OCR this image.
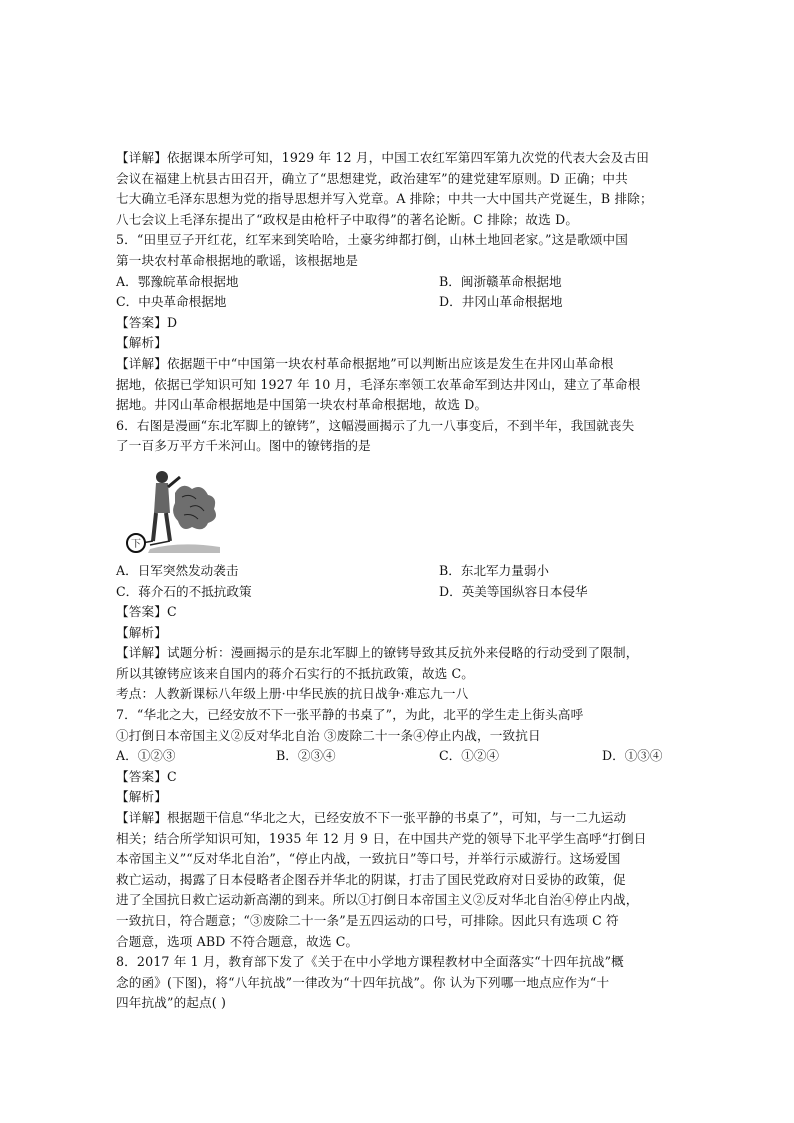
【详解】依据课本所学可知，1929 年 12 月，中国工农红军第四军第九次党的代表大会及古田
会议在福建上杭县古田召开，确立了“思想建党，政治建军”的建党建军原则。D 正确；中共
七大确立毛泽东思想为党的指导思想并写入党章。A 排除；中共一大中国共产党诞生，B 排除；
八七会议上毛泽东提出了“政权是由枪杆子中取得”的著名论断。C 排除；故选 D。
5．“田里豆子开红花，红军来到笑哈哈，土豪劣绅都打倒，山林土地回老家。”这是歌颂中国
第一块农村革命根据地的歌谣，该根据地是
A．鄂豫皖革命根据地	B．闽浙赣革命根据地
C．中央革命根据地	D．井冈山革命根据地
【答案】D
【解析】
【详解】依据题干中“中国第一块农村革命根据地”可以判断出应该是发生在井冈山革命根
据地，依据已学知识可知 1927 年 10 月，毛泽东率领工农革命军到达井冈山，建立了革命根
据地。井冈山革命根据地是中国第一块农村革命根据地，故选 D。
6．右图是漫画“东北军脚上的镣铐”，这幅漫画揭示了九一八事变后，不到半年，我国就丧失
了一百多万平方千米河山。图中的镣铐指的是
下
A．日军突然发动袭击	B．东北军力量弱小
C．蒋介石的不抵抗政策	D．英美等国纵容日本侵华
【答案】C
【解析】
【详解】试题分析：漫画揭示的是东北军脚上的镣铐导致其反抗外来侵略的行动受到了限制，
所以其镣铐应该来自国内的蒋介石实行的不抵抗政策，故选 C。
考点：人教新课标八年级上册·中华民族的抗日战争·难忘九一八
7．“华北之大，已经安放不下一张平静的书桌了”，为此，北平的学生走上街头高呼
①打倒日本帝国主义②反对华北自治 ③废除二十一条④停止内战，一致抗日
A．①②③	B．②③④	C．①②④	D．①③④
【答案】C
【解析】
【详解】根据题干信息“华北之大，已经安放不下一张平静的书桌了”，可知，与一二九运动
相关；结合所学知识可知，1935 年 12 月 9 日，在中国共产党的领导下北平学生高呼“打倒日
本帝国主义”“反对华北自治”，“停止内战，一致抗日”等口号，并举行示威游行。这场爱国
救亡运动，揭露了日本侵略者企图吞并华北的阴谋，打击了国民党政府对日妥协的政策，促
进了全国抗日救亡运动新高潮的到来。所以①打倒日本帝国主义②反对华北自治④停止内战，
一致抗日，符合题意；“③废除二十一条”是五四运动的口号，可排除。因此只有选项 C 符
合题意，选项 ABD 不符合题意，故选 C。
8．2017 年 1 月，教育部下发了《关于在中小学地方课程教材中全面落实“十四年抗战”概
念的函》(下图)，将“八年抗战”一律改为“十四年抗战”。你 认为下列哪一地点应作为“十
四年抗战”的起点( )
